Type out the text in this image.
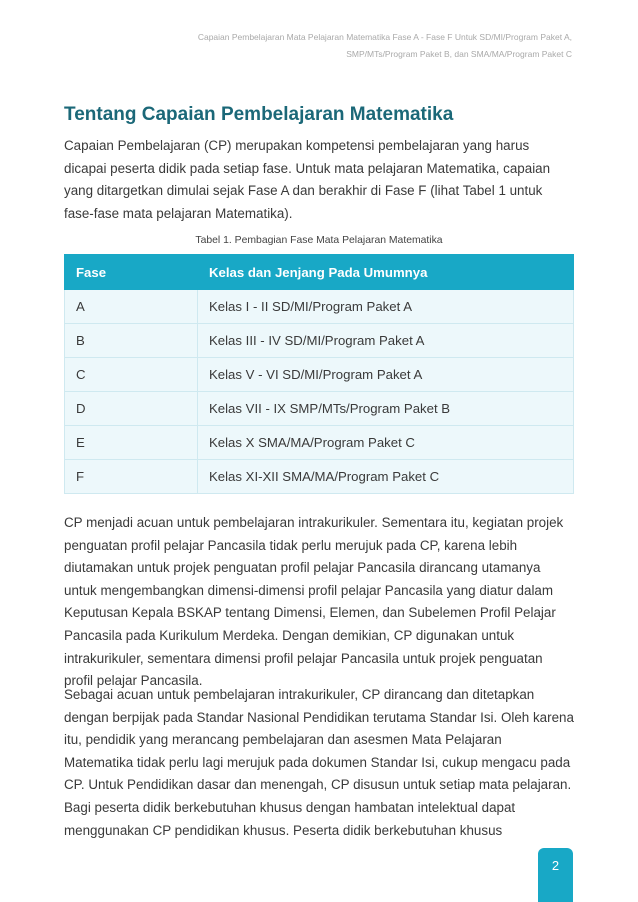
Capaian Pembelajaran Mata Pelajaran Matematika Fase A - Fase F Untuk SD/MI/Program Paket A,
SMP/MTs/Program Paket B, dan SMA/MA/Program Paket C
Tentang Capaian Pembelajaran Matematika

Capaian Pembelajaran (CP) merupakan kompetensi pembelajaran yang harus dicapai peserta didik pada setiap fase. Untuk mata pelajaran Matematika, capaian yang ditargetkan dimulai sejak Fase A dan berakhir di Fase F (lihat Tabel 1 untuk fase-fase mata pelajaran Matematika).

Tabel 1. Pembagian Fase Mata Pelajaran Matematika
Fase	Kelas dan Jenjang Pada Umumnya
A	Kelas I - II SD/MI/Program Paket A
B	Kelas III - IV SD/MI/Program Paket A
C	Kelas V - VI SD/MI/Program Paket A
D	Kelas VII - IX SMP/MTs/Program Paket B
E	Kelas X SMA/MA/Program Paket C
F	Kelas XI-XII SMA/MA/Program Paket C

CP menjadi acuan untuk pembelajaran intrakurikuler. Sementara itu, kegiatan projek penguatan profil pelajar Pancasila tidak perlu merujuk pada CP, karena lebih diutamakan untuk projek penguatan profil pelajar Pancasila dirancang utamanya untuk mengembangkan dimensi-dimensi profil pelajar Pancasila yang diatur dalam Keputusan Kepala BSKAP tentang Dimensi, Elemen, dan Subelemen Profil Pelajar Pancasila pada Kurikulum Merdeka. Dengan demikian, CP digunakan untuk intrakurikuler, sementara dimensi profil pelajar Pancasila untuk projek penguatan profil pelajar Pancasila.

Sebagai acuan untuk pembelajaran intrakurikuler, CP dirancang dan ditetapkan dengan berpijak pada Standar Nasional Pendidikan terutama Standar Isi. Oleh karena itu, pendidik yang merancang pembelajaran dan asesmen Mata Pelajaran Matematika tidak perlu lagi merujuk pada dokumen Standar Isi, cukup mengacu pada CP. Untuk Pendidikan dasar dan menengah, CP disusun untuk setiap mata pelajaran. Bagi peserta didik berkebutuhan khusus dengan hambatan intelektual dapat menggunakan CP pendidikan khusus. Peserta didik berkebutuhan khusus

2
